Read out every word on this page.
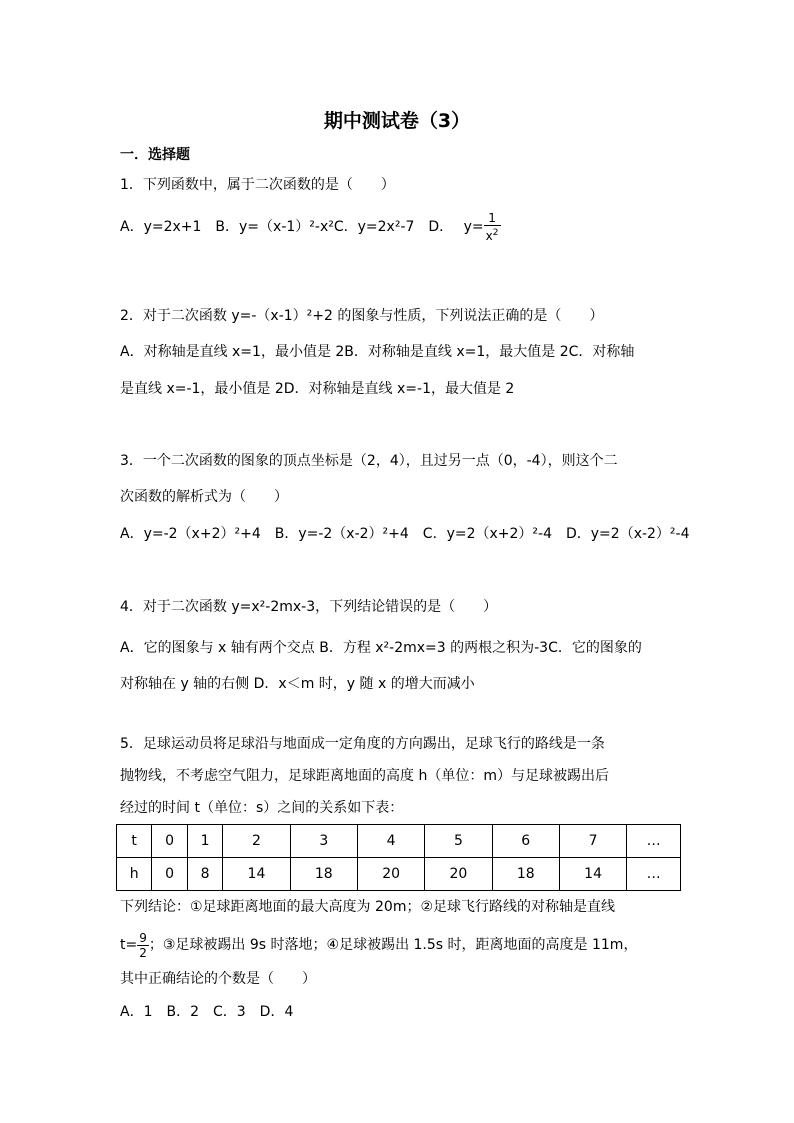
期中测试卷（3）
一．选择题
1．下列函数中，属于二次函数的是（　　）
A．y=2x+1　B．y=（x-1）²-x²C．y=2x²-7　D． $y= \frac{1}{x^2}$
2．对于二次函数 y=-（x-1）²+2 的图象与性质，下列说法正确的是（　　）
A．对称轴是直线 x=1，最小值是 2B．对称轴是直线 x=1，最大值是 2C．对称轴
是直线 x=-1，最小值是 2D．对称轴是直线 x=-1，最大值是 2
3．一个二次函数的图象的顶点坐标是（2，4），且过另一点（0，-4），则这个二
次函数的解析式为（　　）
A．y=-2（x+2）²+4　B．y=-2（x-2）²+4　C．y=2（x+2）²-4　D．y=2（x-2）²-4
4．对于二次函数 y=x²-2mx-3，下列结论错误的是（　　）
A．它的图象与 x 轴有两个交点 B．方程 x²-2mx=3 的两根之积为-3C．它的图象的
对称轴在 y 轴的右侧 D．x＜m 时，y 随 x 的增大而减小
5．足球运动员将足球沿与地面成一定角度的方向踢出，足球飞行的路线是一条
抛物线，不考虑空气阻力，足球距离地面的高度 h（单位：m）与足球被踢出后
经过的时间 t（单位：s）之间的关系如下表：
t	0	1	2	3	4	5	6	7	…
h	0	8	14	18	20	20	18	14	…
下列结论：①足球距离地面的最大高度为 20m；②足球飞行路线的对称轴是直线
$t= \frac{9}{2}$ ；③足球被踢出 9s 时落地；④足球被踢出 1.5s 时，距离地面的高度是 11m，
其中正确结论的个数是（　　）
A．1　B．2　C．3　D．4
